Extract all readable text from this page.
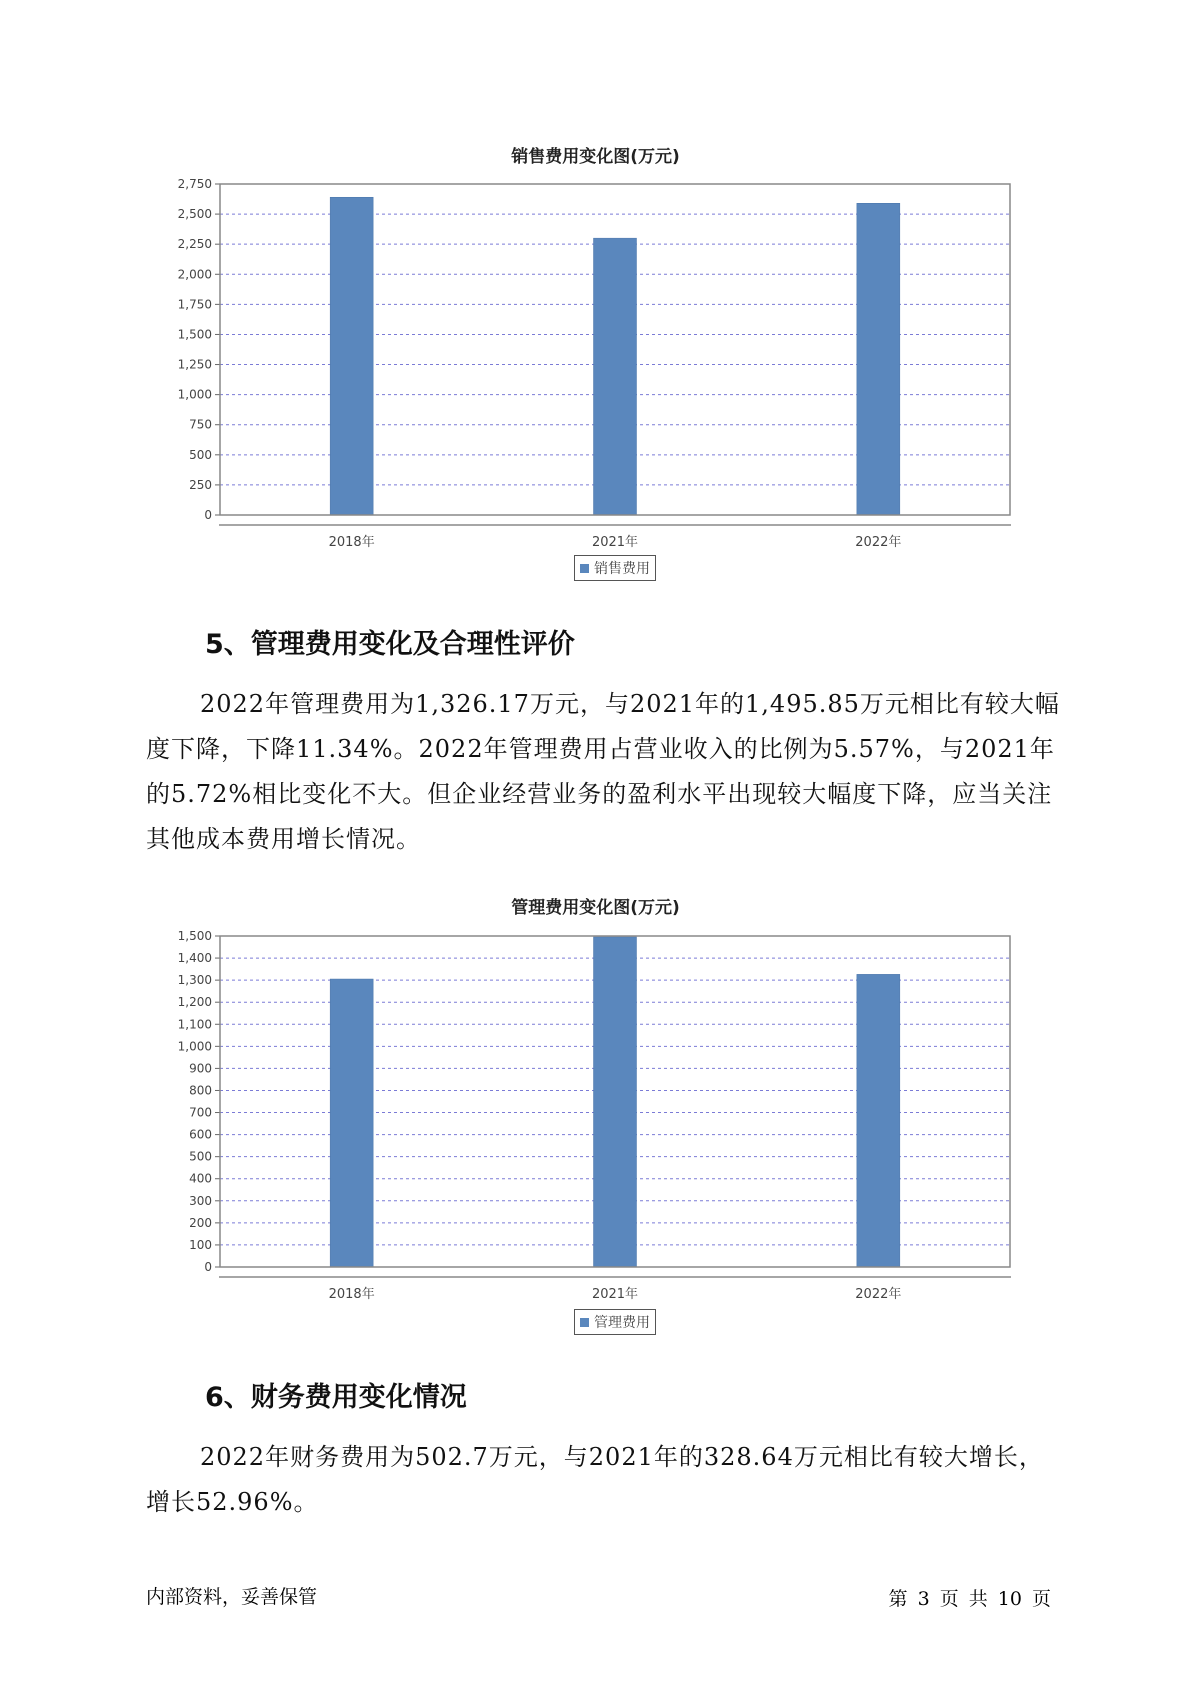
销售费用变化图(万元)
0
250
500
750
1,000
1,250
1,500
1,750
2,000
2,250
2,500
2,750
2018年	2021年	2022年
销售费用
5、管理费用变化及合理性评价
2022年管理费用为1,326.17万元，与2021年的1,495.85万元相比有较大幅度下降，下降11.34%。2022年管理费用占营业收入的比例为5.57%，与2021年的5.72%相比变化不大。但企业经营业务的盈利水平出现较大幅度下降，应当关注其他成本费用增长情况。
管理费用变化图(万元)
0
100
200
300
400
500
600
700
800
900
1,000
1,100
1,200
1,300
1,400
1,500
2018年	2021年	2022年
管理费用
6、财务费用变化情况
2022年财务费用为502.7万元，与2021年的328.64万元相比有较大增长，增长52.96%。
内部资料，妥善保管	第 3 页 共 10 页
